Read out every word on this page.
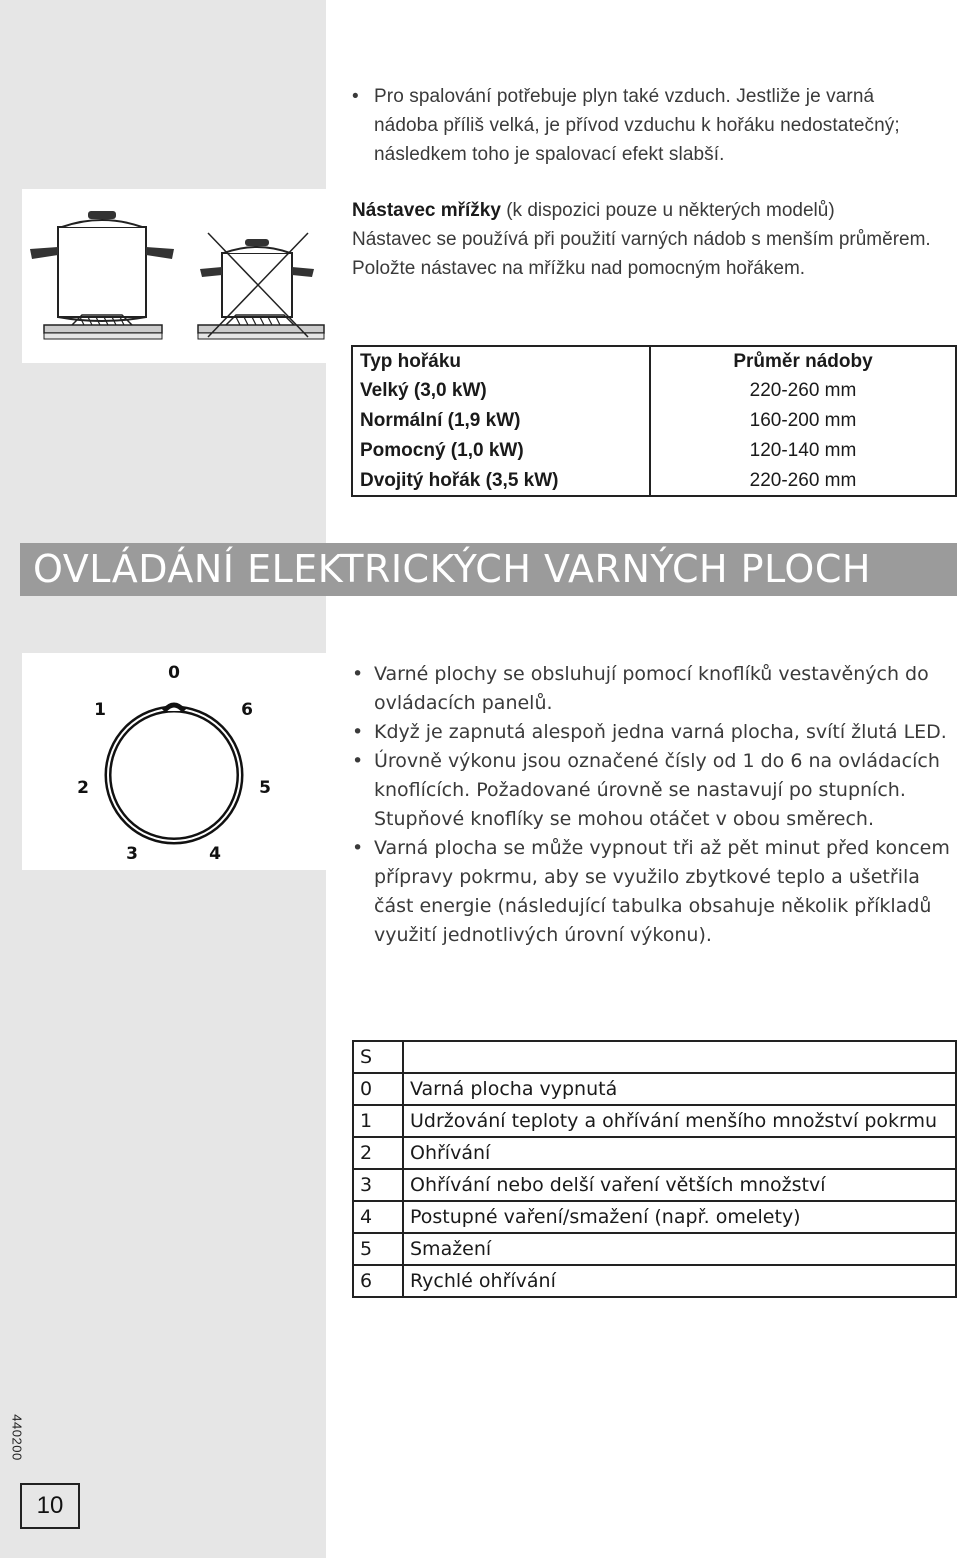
• Pro spalování potřebuje plyn také vzduch. Jestliže je varná nádoba příliš velká, je přívod vzduchu k hořáku nedostatečný; následkem toho je spalovací efekt slabší.
Nástavec mřížky (k dispozici pouze u některých modelů)
Nástavec se používá při použití varných nádob s menším průměrem. Položte nástavec na mřížku nad pomocným hořákem.
Typ hořáku	Průměr nádoby
Velký (3,0 kW)	220-260 mm
Normální (1,9 kW)	160-200 mm
Pomocný (1,0 kW)	120-140 mm
Dvojitý hořák (3,5 kW)	220-260 mm
OVLÁDÁNÍ ELEKTRICKÝCH VARNÝCH PLOCH
0
1
2
3	4
5
6
• Varné plochy se obsluhují pomocí knoflíků vestavěných do ovládacích panelů.
• Když je zapnutá alespoň jedna varná plocha, svítí žlutá LED.
• Úrovně výkonu jsou označené čísly od 1 do 6 na ovládacích knoflících. Požadované úrovně se nastavují po stupních. Stupňové knoflíky se mohou otáčet v obou směrech.
• Varná plocha se může vypnout tři až pět minut před koncem přípravy pokrmu, aby se využilo zbytkové teplo a ušetřila část energie (následující tabulka obsahuje několik příkladů využití jednotlivých úrovní výkonu).
S	
0	Varná plocha vypnutá
1	Udržování teploty a ohřívání menšího množství pokrmu
2	Ohřívání
3	Ohřívání nebo delší vaření větších množství
4	Postupné vaření/smažení (např. omelety)
5	Smažení
6	Rychlé ohřívání
440200
10
